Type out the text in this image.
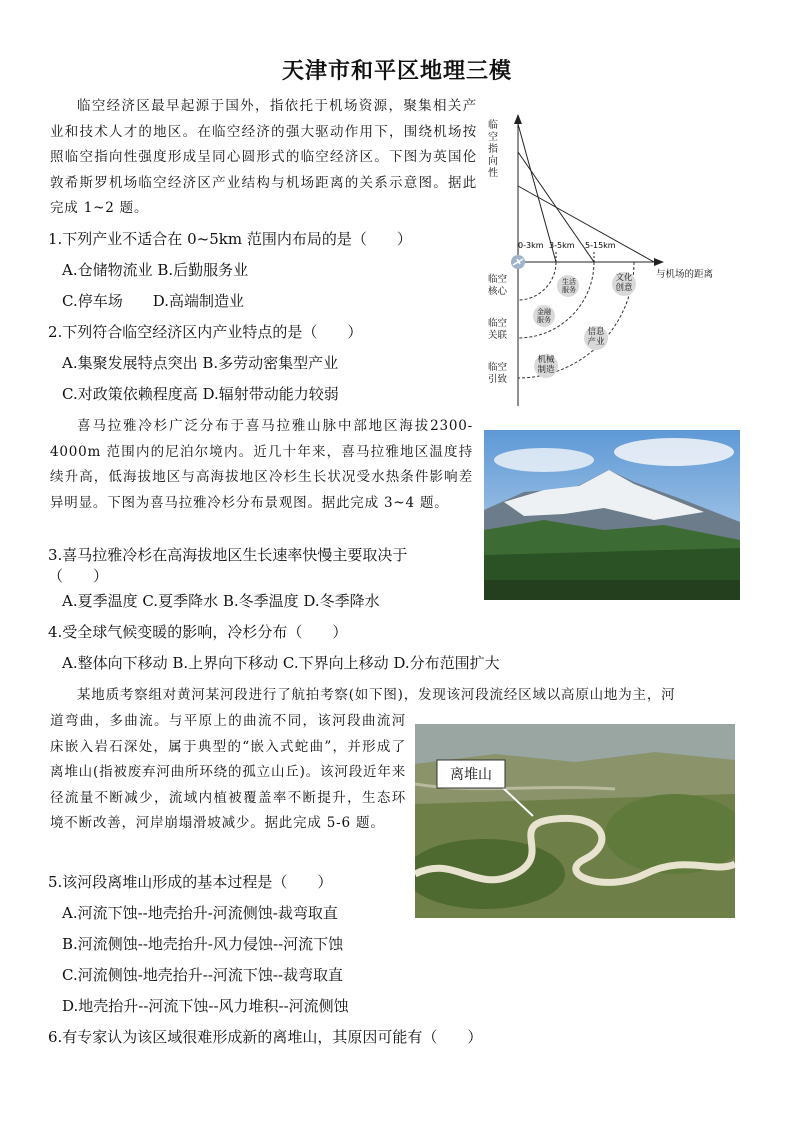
天津市和平区地理三模
临空经济区最早起源于国外，指依托于机场资源，聚集相关产业和技术人才的地区。在临空经济的强大驱动作用下，围绕机场按照临空指向性强度形成呈同心圆形式的临空经济区。下图为英国伦敦希斯罗机场临空经济区产业结构与机场距离的关系示意图。据此完成 1~2 题。
0-3km 3-5km 5-15km
临空指向性
与机场的距离
临空核心
临空关联
临空引致
生活服务
文化创意
金融服务
信息产业
机械制造
1.下列产业不适合在 0~5km 范围内布局的是（　　）
A.仓储物流业 B.后勤服务业
C.停车场　　D.高端制造业
2.下列符合临空经济区内产业特点的是（　　）
A.集聚发展特点突出 B.多劳动密集型产业
C.对政策依赖程度高 D.辐射带动能力较弱
喜马拉雅冷杉广泛分布于喜马拉雅山脉中部地区海拔2300-4000m 范围内的尼泊尔境内。近几十年来，喜马拉雅地区温度持续升高，低海拔地区与高海拔地区冷杉生长状况受水热条件影响差异明显。下图为喜马拉雅冷杉分布景观图。据此完成 3~4 题。
3.喜马拉雅冷杉在高海拔地区生长速率快慢主要取决于
（　　）
A.夏季温度 C.夏季降水 B.冬季温度 D.冬季降水
4.受全球气候变暖的影响，冷杉分布（　　）
A.整体向下移动 B.上界向下移动 C.下界向上移动 D.分布范围扩大
某地质考察组对黄河某河段进行了航拍考察(如下图)，发现该河段流经区域以高原山地为主，河
道弯曲，多曲流。与平原上的曲流不同，该河段曲流河床嵌入岩石深处，属于典型的“嵌入式蛇曲”，并形成了离堆山(指被废弃河曲所环绕的孤立山丘)。该河段近年来径流量不断减少，流域内植被覆盖率不断提升，生态环境不断改善，河岸崩塌滑坡减少。据此完成 5-6 题。
离堆山
5.该河段离堆山形成的基本过程是（　　）
A.河流下蚀--地壳抬升-河流侧蚀-裁弯取直
B.河流侧蚀--地壳抬升-风力侵蚀--河流下蚀
C.河流侧蚀-地壳抬升--河流下蚀--裁弯取直
D.地壳抬升--河流下蚀--风力堆积--河流侧蚀
6.有专家认为该区域很难形成新的离堆山，其原因可能有（　　）
